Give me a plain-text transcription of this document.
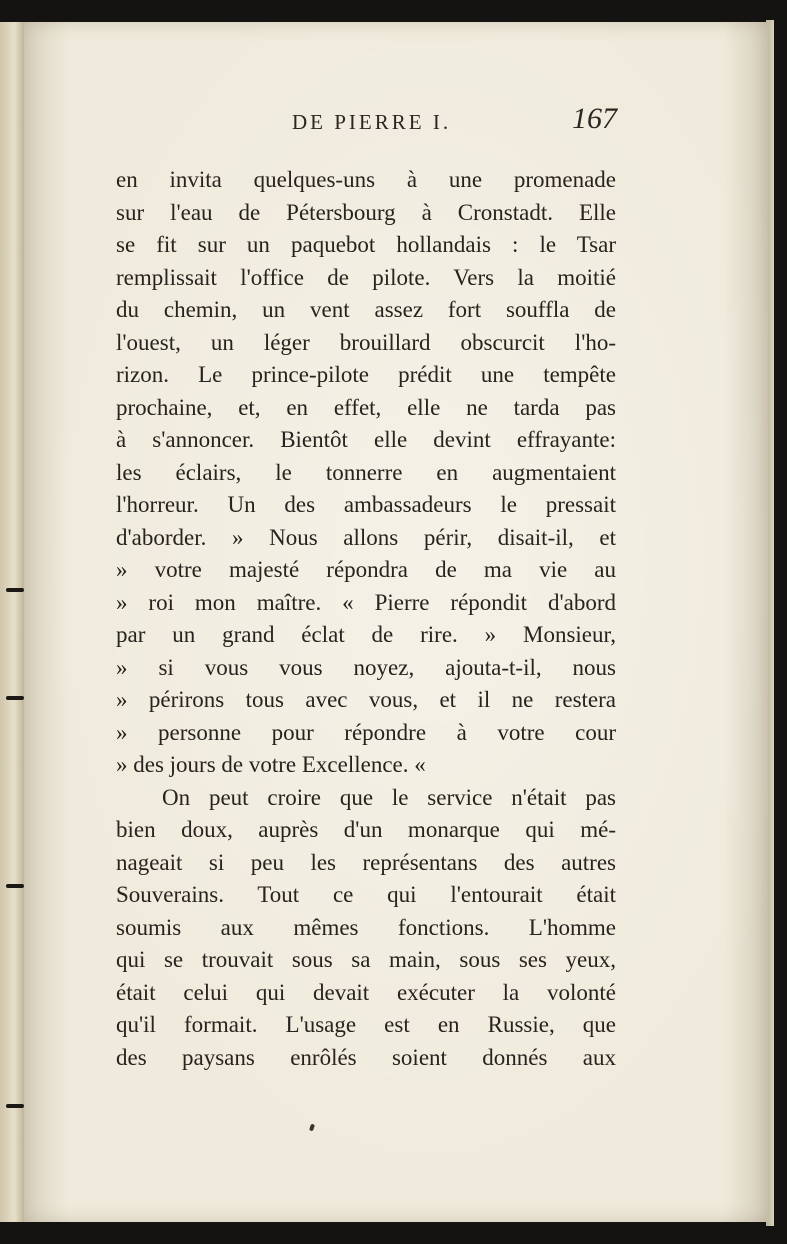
DE PIERRE I.	167
en invita quelques-uns à une promenade
sur l'eau de Pétersbourg à Cronstadt. Elle
se fit sur un paquebot hollandais : le Tsar
remplissait l'office de pilote. Vers la moitié
du chemin, un vent assez fort souffla de
l'ouest, un léger brouillard obscurcit l'ho-
rizon. Le prince-pilote prédit une tempête
prochaine, et, en effet, elle ne tarda pas
à s'annoncer. Bientôt elle devint effrayante:
les éclairs, le tonnerre en augmentaient
l'horreur. Un des ambassadeurs le pressait
d'aborder. » Nous allons périr, disait-il, et
» votre majesté répondra de ma vie au
» roi mon maître. « Pierre répondit d'abord
par un grand éclat de rire. » Monsieur,
» si vous vous noyez, ajouta-t-il, nous
» périrons tous avec vous, et il ne restera
» personne pour répondre à votre cour
» des jours de votre Excellence. «
On peut croire que le service n'était pas
bien doux, auprès d'un monarque qui mé-
nageait si peu les représentans des autres
Souverains. Tout ce qui l'entourait était
soumis aux mêmes fonctions. L'homme
qui se trouvait sous sa main, sous ses yeux,
était celui qui devait exécuter la volonté
qu'il formait. L'usage est en Russie, que
des paysans enrôlés soient donnés aux
